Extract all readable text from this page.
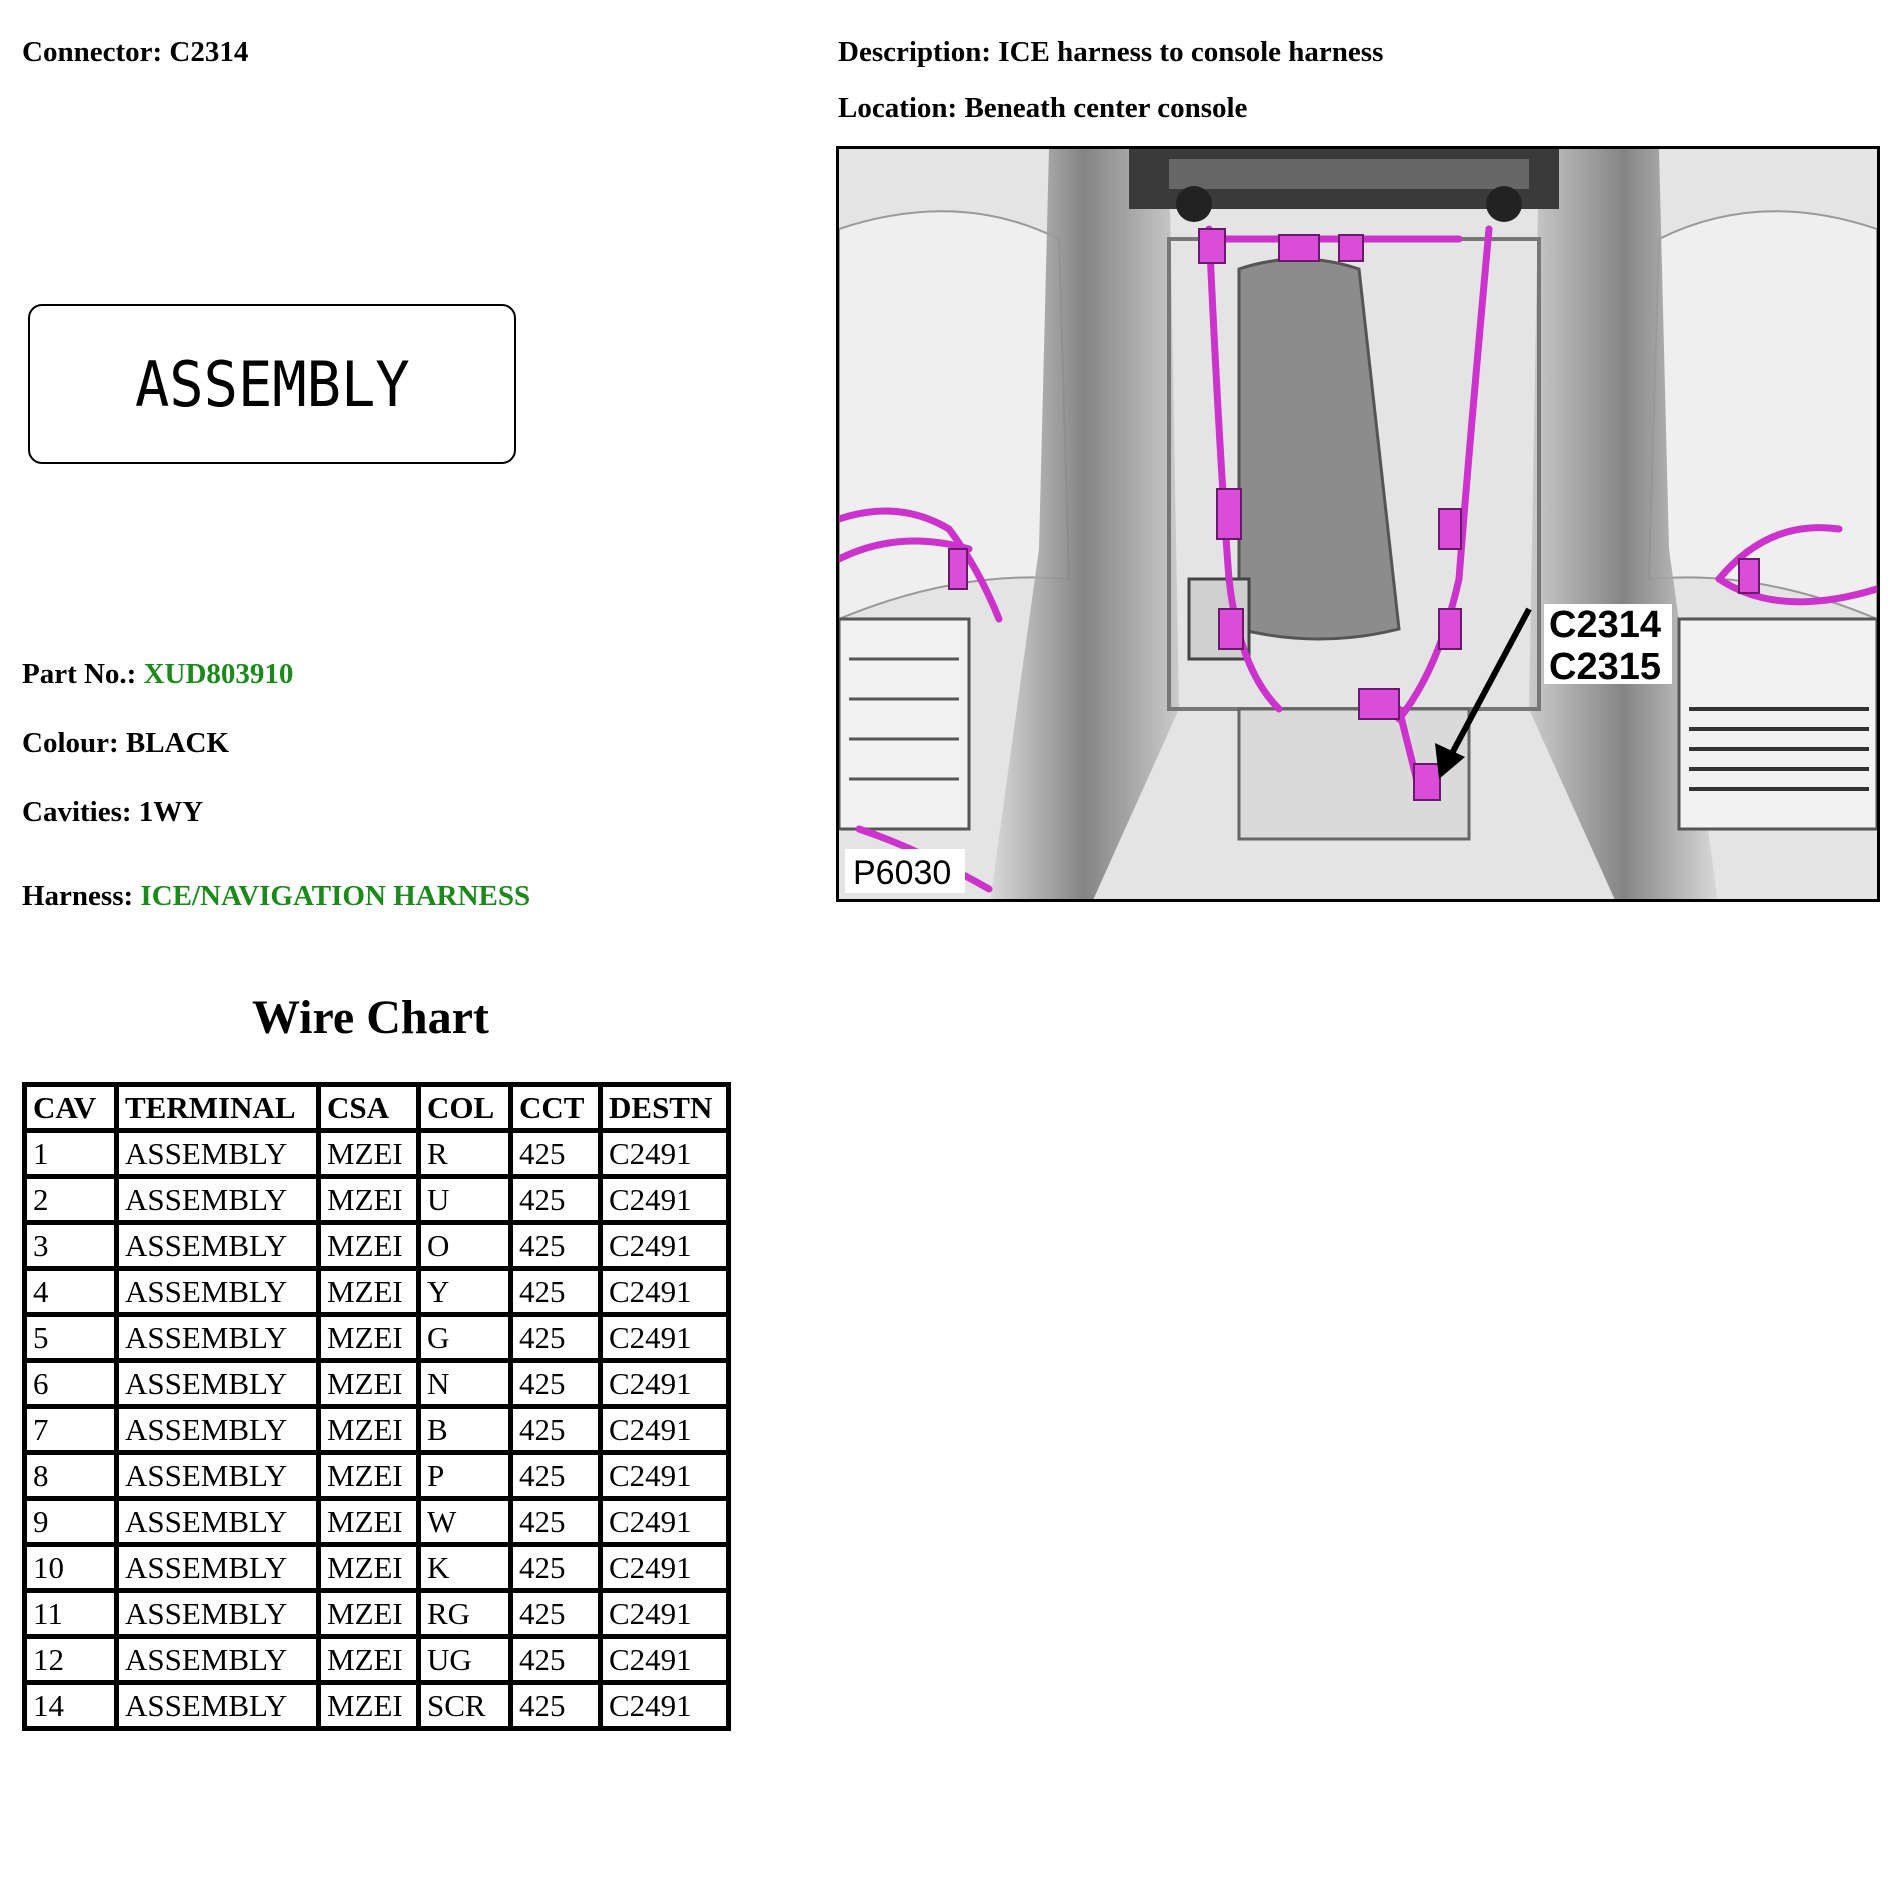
Connector: C2314	Description: ICE harness to console harness
Location: Beneath center console
ASSEMBLY
Part No.: XUD803910
Colour: BLACK
Cavities: 1WY
Harness: ICE/NAVIGATION HARNESS
Wire Chart
CAV	TERMINAL	CSA	COL	CCT	DESTN
1	ASSEMBLY	MZEI	R	425	C2491
2	ASSEMBLY	MZEI	U	425	C2491
3	ASSEMBLY	MZEI	O	425	C2491
4	ASSEMBLY	MZEI	Y	425	C2491
5	ASSEMBLY	MZEI	G	425	C2491
6	ASSEMBLY	MZEI	N	425	C2491
7	ASSEMBLY	MZEI	B	425	C2491
8	ASSEMBLY	MZEI	P	425	C2491
9	ASSEMBLY	MZEI	W	425	C2491
10	ASSEMBLY	MZEI	K	425	C2491
11	ASSEMBLY	MZEI	RG	425	C2491
12	ASSEMBLY	MZEI	UG	425	C2491
14	ASSEMBLY	MZEI	SCR	425	C2491
C2314
C2315
P6030
